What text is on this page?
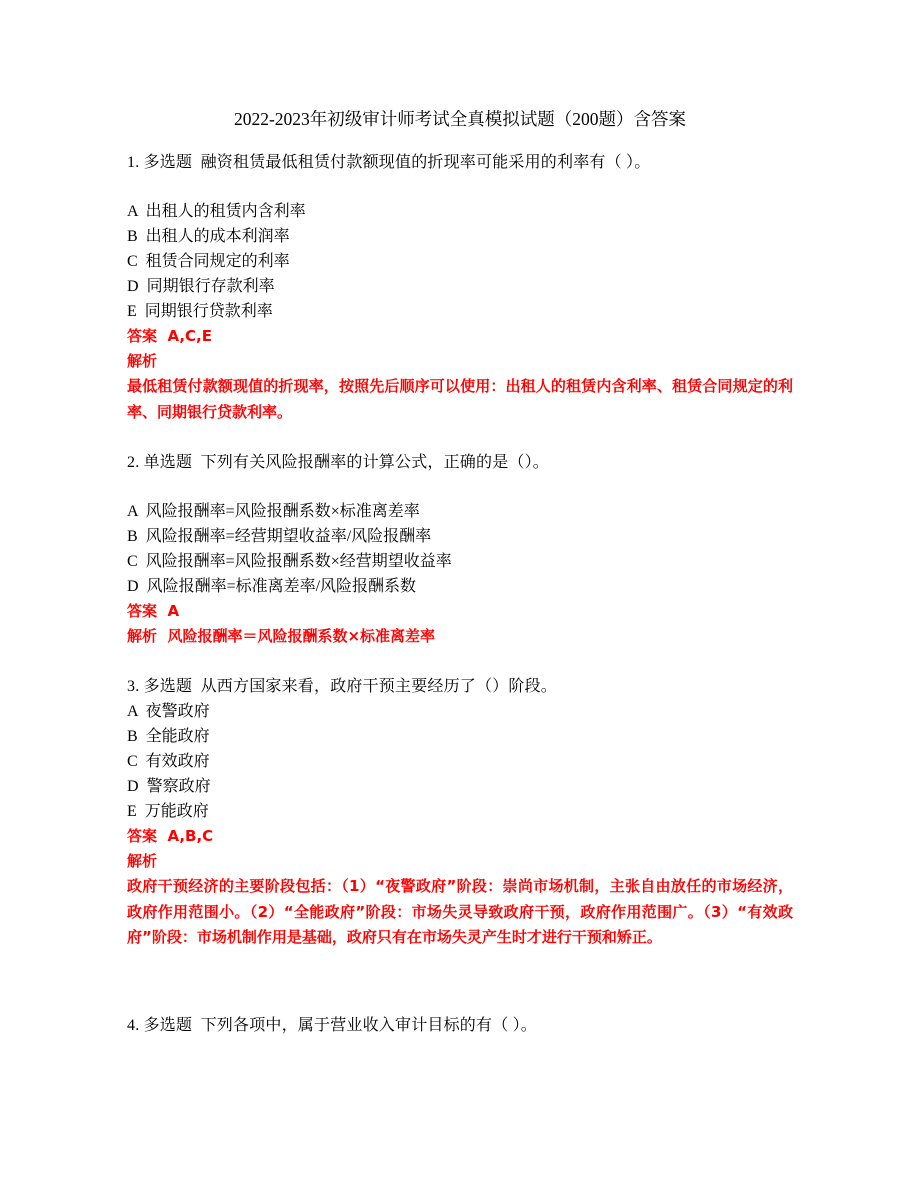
2022-2023年初级审计师考试全真模拟试题（200题）含答案
1. 多选题  融资租赁最低租赁付款额现值的折现率可能采用的利率有（ ）。
A  出租人的租赁内含利率
B  出租人的成本利润率
C  租赁合同规定的利率
D  同期银行存款利率
E  同期银行贷款利率
答案  A,C,E
解析
最低租赁付款额现值的折现率，按照先后顺序可以使用：出租人的租赁内含利率、租赁合同规定的利率、同期银行贷款利率。
2. 单选题  下列有关风险报酬率的计算公式，正确的是（）。
A  风险报酬率=风险报酬系数×标准离差率
B  风险报酬率=经营期望收益率/风险报酬率
C  风险报酬率=风险报酬系数×经营期望收益率
D  风险报酬率=标准离差率/风险报酬系数
答案  A
解析  风险报酬率＝风险报酬系数×标准离差率
3. 多选题  从西方国家来看，政府干预主要经历了（）阶段。
A  夜警政府
B  全能政府
C  有效政府
D  警察政府
E  万能政府
答案  A,B,C
解析
政府干预经济的主要阶段包括：（1）“夜警政府”阶段：崇尚市场机制，主张自由放任的市场经济，政府作用范围小。（2）“全能政府”阶段：市场失灵导致政府干预，政府作用范围广。（3）“有效政府”阶段：市场机制作用是基础，政府只有在市场失灵产生时才进行干预和矫正。
4. 多选题  下列各项中，属于营业收入审计目标的有（ ）。
